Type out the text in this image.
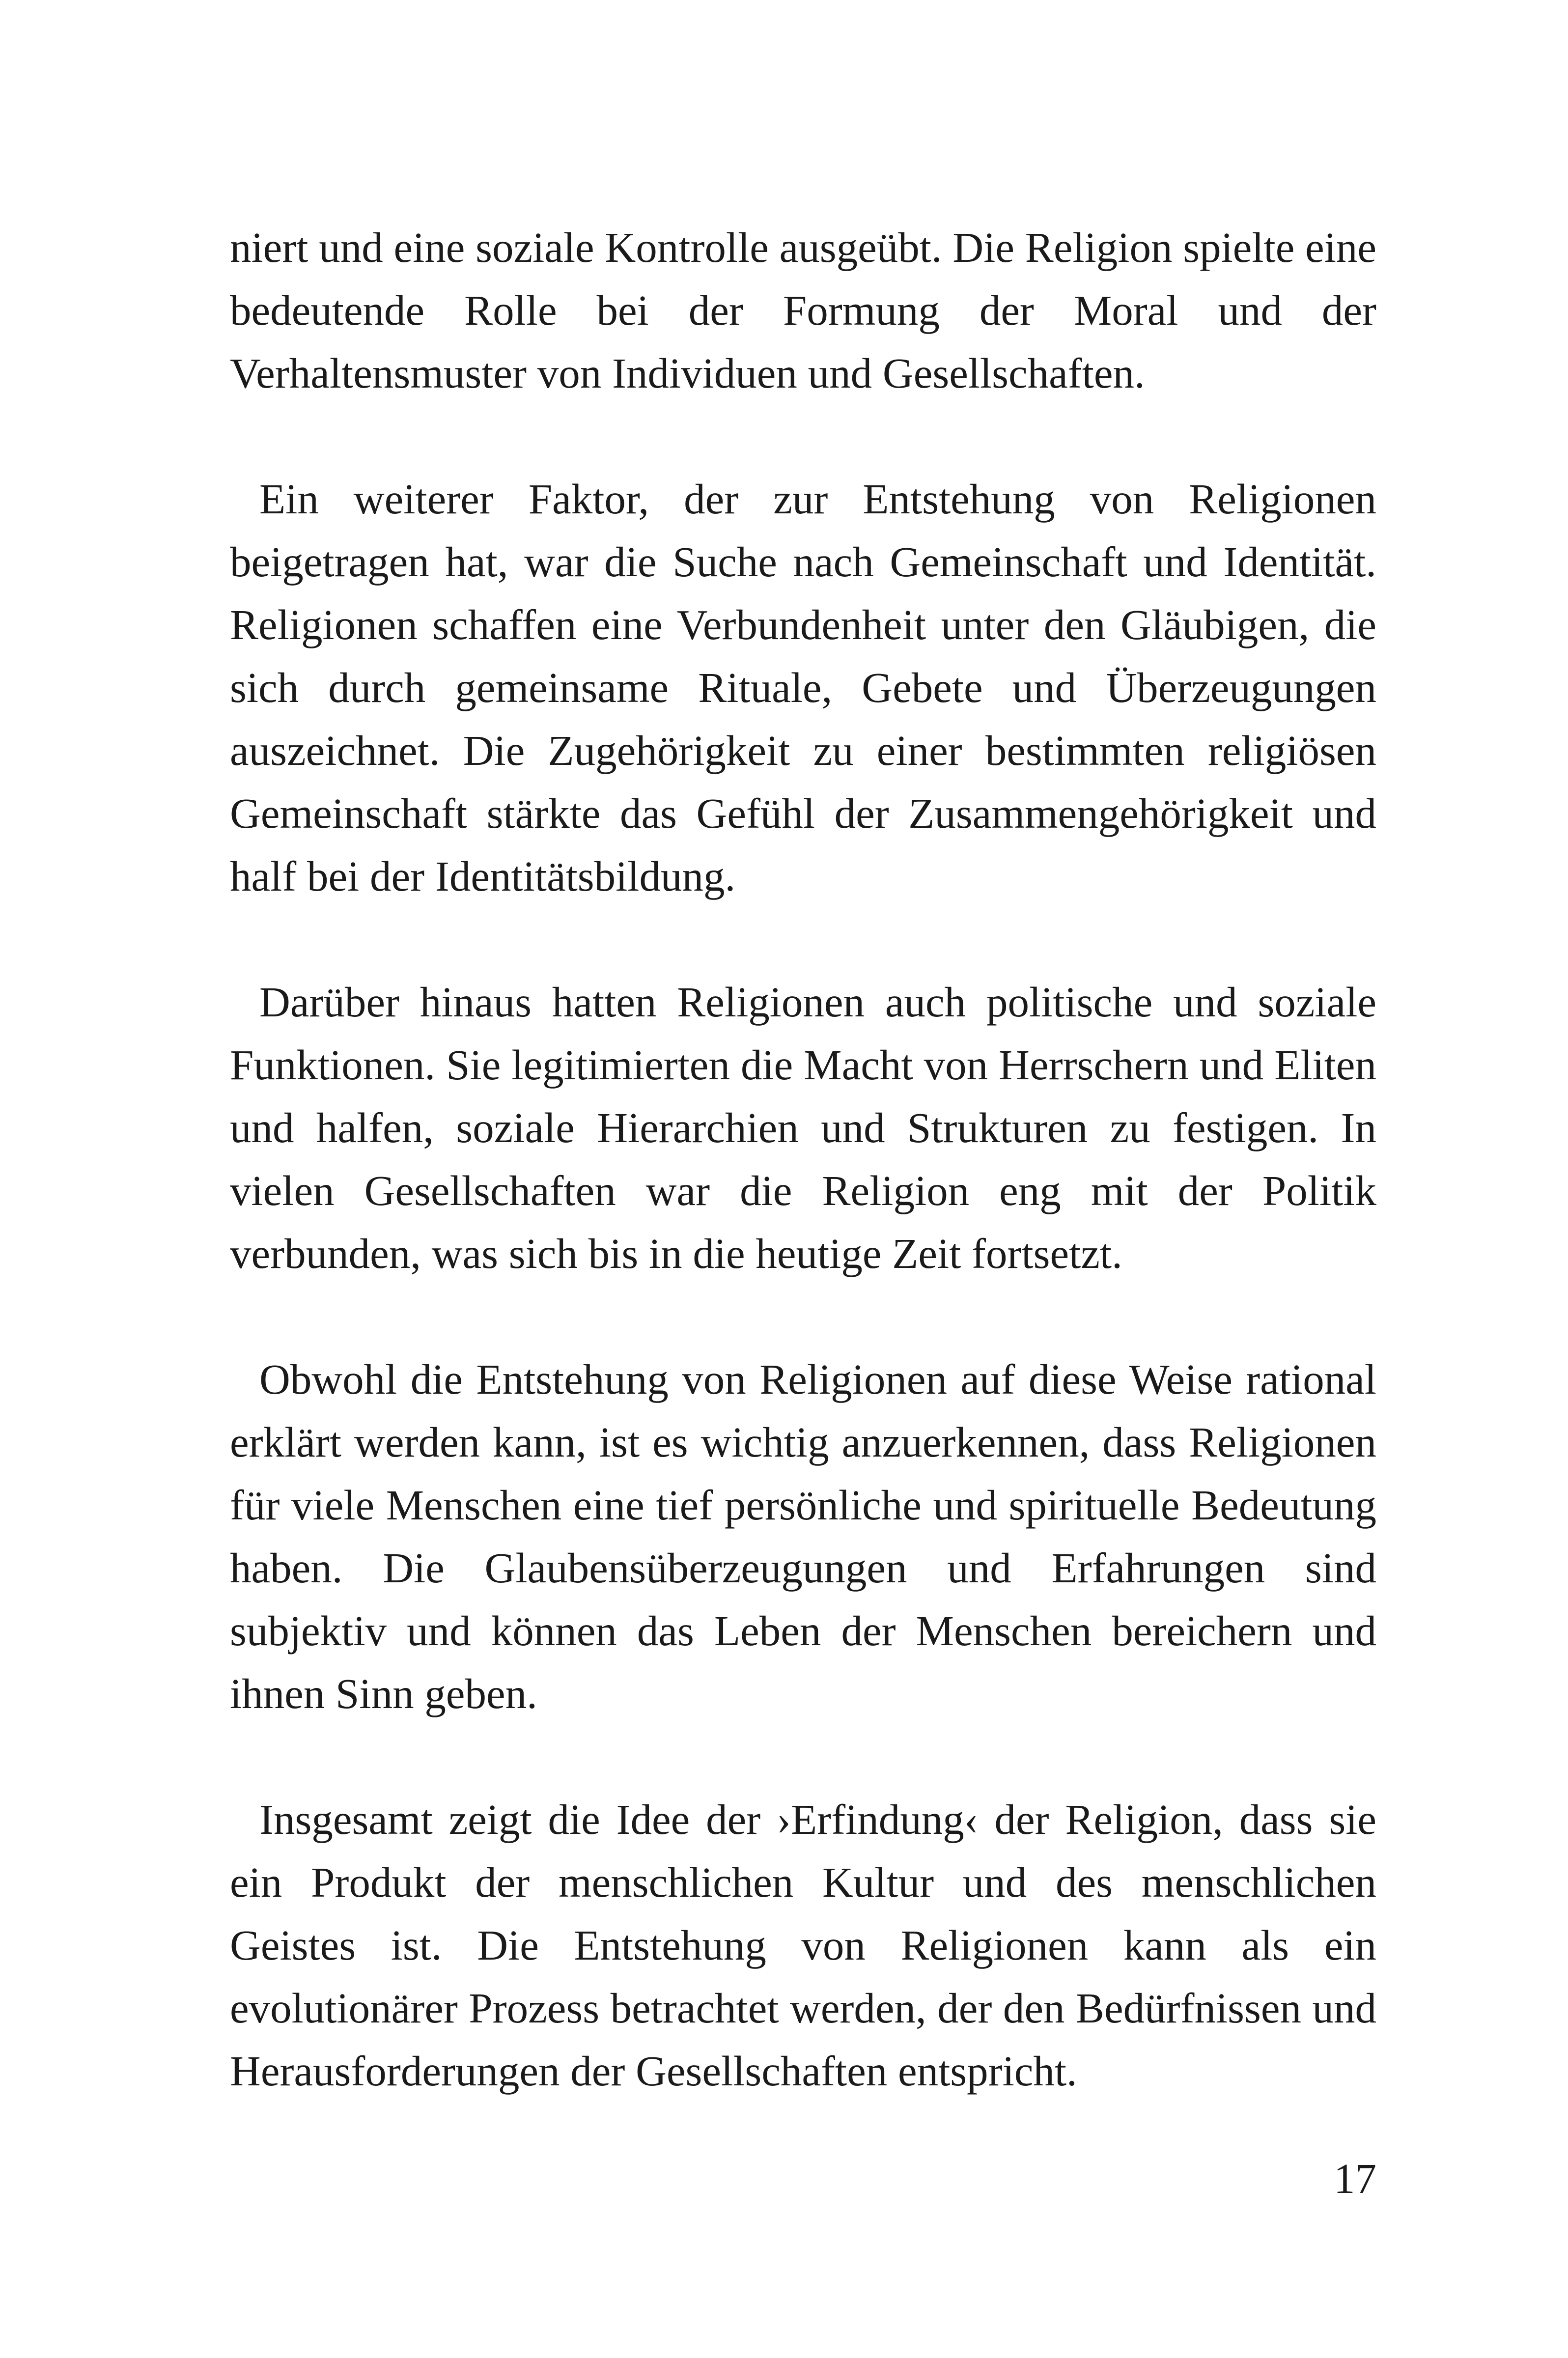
niert und eine soziale Kontrolle ausgeübt. Die Religion spielte eine bedeutende Rolle bei der Formung der Moral und der Verhaltensmuster von Individuen und Gesellschaften.

Ein weiterer Faktor, der zur Entstehung von Religionen beigetragen hat, war die Suche nach Gemeinschaft und Identität. Religionen schaffen eine Verbundenheit unter den Gläubigen, die sich durch gemeinsame Rituale, Gebete und Überzeugungen auszeichnet. Die Zugehörigkeit zu einer bestimmten religiösen Gemeinschaft stärkte das Gefühl der Zusammengehörigkeit und half bei der Identitätsbildung.

Darüber hinaus hatten Religionen auch politische und soziale Funktionen. Sie legitimierten die Macht von Herrschern und Eliten und halfen, soziale Hierarchien und Strukturen zu festigen. In vielen Gesellschaften war die Religion eng mit der Politik verbunden, was sich bis in die heutige Zeit fortsetzt.

Obwohl die Entstehung von Religionen auf diese Weise rational erklärt werden kann, ist es wichtig anzuerkennen, dass Religionen für viele Menschen eine tief persönliche und spirituelle Bedeutung haben. Die Glaubensüberzeugungen und Erfahrungen sind subjektiv und können das Leben der Menschen bereichern und ihnen Sinn geben.

Insgesamt zeigt die Idee der ›Erfindung‹ der Religion, dass sie ein Produkt der menschlichen Kultur und des menschlichen Geistes ist. Die Entstehung von Religionen kann als ein evolutionärer Prozess betrachtet werden, der den Bedürfnissen und Herausforderungen der Gesellschaften entspricht.

17
